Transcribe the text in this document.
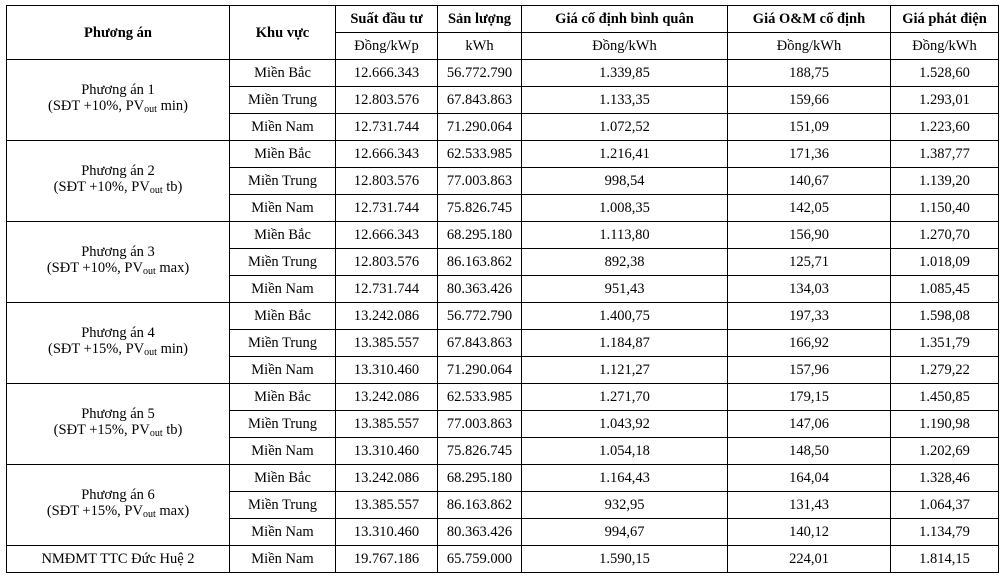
Phương án	Khu vực	Suất đầu tư	Sản lượng	Giá cố định bình quân	Giá O&M cố định	Giá phát điện
		Đồng/kWp	kWh	Đồng/kWh	Đồng/kWh	Đồng/kWh
Phương án 1
(SĐT +10%, $PV_{out}$ min)	Miền Bắc	12.666.343	56.772.790	1.339,85	188,75	1.528,60
	Miền Trung	12.803.576	67.843.863	1.133,35	159,66	1.293,01
	Miền Nam	12.731.744	71.290.064	1.072,52	151,09	1.223,60
Phương án 2
(SĐT +10%, $PV_{out}$ tb)	Miền Bắc	12.666.343	62.533.985	1.216,41	171,36	1.387,77
	Miền Trung	12.803.576	77.003.863	998,54	140,67	1.139,20
	Miền Nam	12.731.744	75.826.745	1.008,35	142,05	1.150,40
Phương án 3
(SĐT +10%, $PV_{out}$ max)	Miền Bắc	12.666.343	68.295.180	1.113,80	156,90	1.270,70
	Miền Trung	12.803.576	86.163.862	892,38	125,71	1.018,09
	Miền Nam	12.731.744	80.363.426	951,43	134,03	1.085,45
Phương án 4
(SĐT +15%, $PV_{out}$ min)	Miền Bắc	13.242.086	56.772.790	1.400,75	197,33	1.598,08
	Miền Trung	13.385.557	67.843.863	1.184,87	166,92	1.351,79
	Miền Nam	13.310.460	71.290.064	1.121,27	157,96	1.279,22
Phương án 5
(SĐT +15%, $PV_{out}$ tb)	Miền Bắc	13.242.086	62.533.985	1.271,70	179,15	1.450,85
	Miền Trung	13.385.557	77.003.863	1.043,92	147,06	1.190,98
	Miền Nam	13.310.460	75.826.745	1.054,18	148,50	1.202,69
Phương án 6
(SĐT +15%, $PV_{out}$ max)	Miền Bắc	13.242.086	68.295.180	1.164,43	164,04	1.328,46
	Miền Trung	13.385.557	86.163.862	932,95	131,43	1.064,37
	Miền Nam	13.310.460	80.363.426	994,67	140,12	1.134,79
NMĐMT TTC Đức Huệ 2	Miền Nam	19.767.186	65.759.000	1.590,15	224,01	1.814,15
